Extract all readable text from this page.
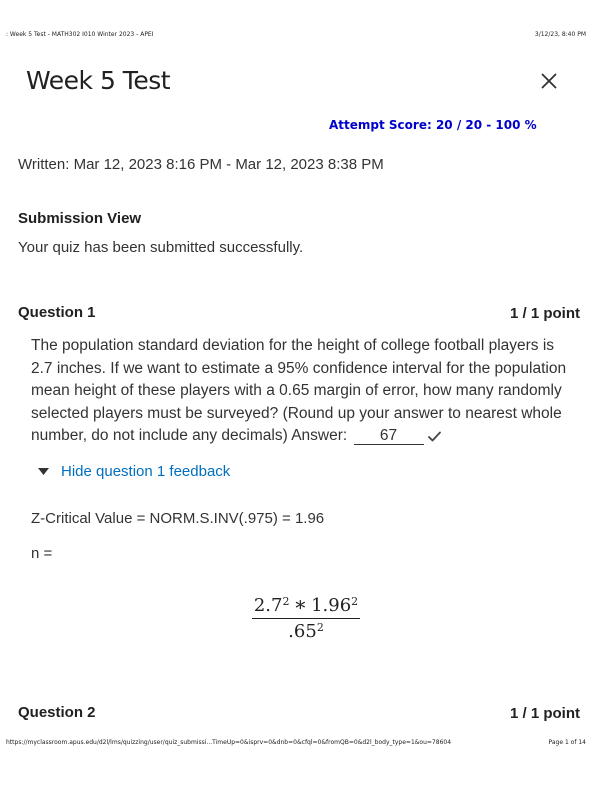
: Week 5 Test - MATH302 I010 Winter 2023 - APEI	3/12/23, 8:40 PM
Week 5 Test
Attempt Score: 20 / 20 - 100 %
Written: Mar 12, 2023 8:16 PM - Mar 12, 2023 8:38 PM
Submission View
Your quiz has been submitted successfully.
Question 1	1 / 1 point
The population standard deviation for the height of college football players is 2.7 inches. If we want to estimate a 95% confidence interval for the population mean height of these players with a 0.65 margin of error, how many randomly selected players must be surveyed? (Round up your answer to nearest whole number, do not include any decimals) Answer: 67
Hide question 1 feedback
Z-Critical Value = NORM.S.INV(.975) = 1.96
n =
$\frac{2.7^2 ∗ 1.96^2}{.65^2}$
Question 2	1 / 1 point
https://myclassroom.apus.edu/d2l/lms/quizzing/user/quiz_submissi...TimeUp=0&isprv=0&dnb=0&cfql=0&fromQB=0&d2l_body_type=1&ou=78604	Page 1 of 14
